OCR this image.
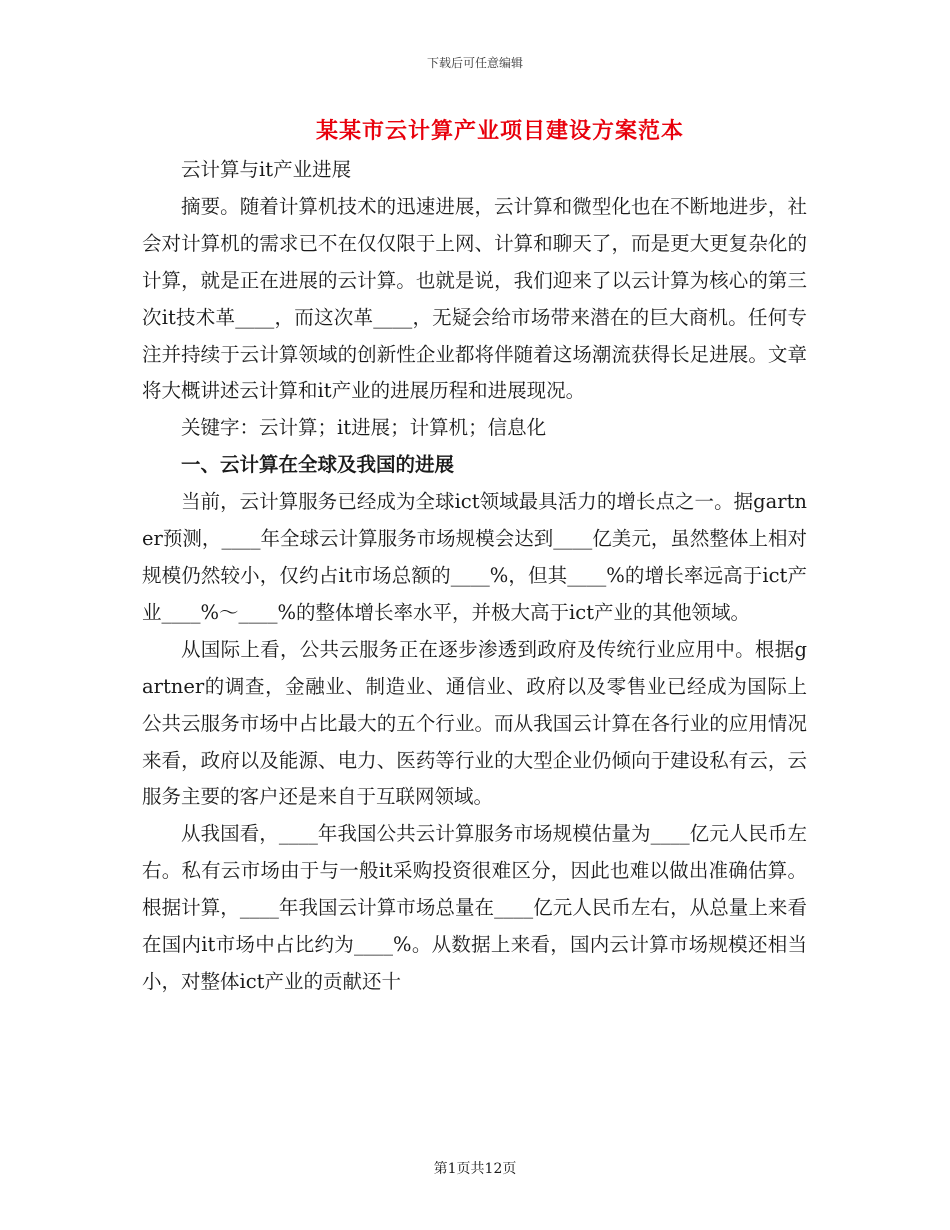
下载后可任意编辑
某某市云计算产业项目建设方案范本

云计算与it产业进展

摘要。随着计算机技术的迅速进展，云计算和微型化也在不断地进步，社会对计算机的需求已不在仅仅限于上网、计算和聊天了，而是更大更复杂化的计算，就是正在进展的云计算。也就是说，我们迎来了以云计算为核心的第三次it技术革____，而这次革____，无疑会给市场带来潜在的巨大商机。任何专注并持续于云计算领域的创新性企业都将伴随着这场潮流获得长足进展。文章将大概讲述云计算和it产业的进展历程和进展现况。

关键字：云计算；it进展；计算机；信息化

一、云计算在全球及我国的进展

当前，云计算服务已经成为全球ict领域最具活力的增长点之一。据gartner预测，____年全球云计算服务市场规模会达到____亿美元，虽然整体上相对规模仍然较小，仅约占it市场总额的____%，但其____%的增长率远高于ict产业____%～____%的整体增长率水平，并极大高于ict产业的其他领域。

从国际上看，公共云服务正在逐步渗透到政府及传统行业应用中。根据gartner的调查，金融业、制造业、通信业、政府以及零售业已经成为国际上公共云服务市场中占比最大的五个行业。而从我国云计算在各行业的应用情况来看，政府以及能源、电力、医药等行业的大型企业仍倾向于建设私有云，云服务主要的客户还是来自于互联网领域。

从我国看，____年我国公共云计算服务市场规模估量为____亿元人民币左右。私有云市场由于与一般it采购投资很难区分，因此也难以做出准确估算。根据计算，____年我国云计算市场总量在____亿元人民币左右，从总量上来看在国内it市场中占比约为____%。从数据上来看，国内云计算市场规模还相当小，对整体ict产业的贡献还十

第1页共12页
